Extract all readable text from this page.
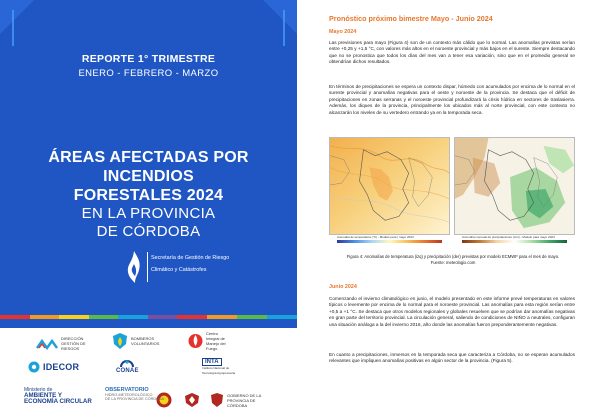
REPORTE 1° TRIMESTRE
ENERO - FEBRERO - MARZO
ÁREAS AFECTADAS POR
INCENDIOS
FORESTALES 2024
EN LA PROVINCIA
DE CÓRDOBA
Secretaría de Gestión de Riesgo
Climático y Catástrofes
DIRECCIÓN GESTIÓN DE RIESGOS
BOMBEROS VOLUNTARIOS
Centro Integral de Manejo del Fuego
IDECOR	CONAE
INTA
Instituto Nacional de Tecnología Agropecuaria
GOBIERNO DE LA PROVINCIA DE CÓRDOBA
Ministerio de
AMBIENTE Y
ECONOMÍA CIRCULAR
OBSERVATORIO
HIDRO-METEOROLÓGICO
DE LA PROVINCIA DE CÓRDOBA
Pronóstico próximo bimestre Mayo - Junio 2024
Mayo 2024

Las previsiones para mayo (Figura 4) son de un contexto más cálido que lo normal. Las anomalías previstas serían entre +0,25 y +1,5 °C, con valores más altos en el noroeste provincial y más bajos en el sureste. Siempre destacando que no se pronostica que todos los días del mes van a tener esa variación, sino que en el promedio general se obtendrían dichos resultados.

En términos de precipitaciones se espera un contexto dispar, húmedo con acumulados por encima de lo normal en el sureste provincial y anomalías negativas para el oeste y noroeste de la provincia. Se destaca que el déficit de precipitaciones en zonas serranas y el noroeste provincial profundizará la crisis hídrica en sectores de traslasierra. Además, los diques de la provincia, principalmente los ubicados más al norte provincial, con este contexto no alcanzarán los niveles de su vertedero entrando ya en la temporada seca.

Anomalía de temperatura (°C) - Modelo para | mayo 2024	Anomalía mensual de precipitaciones (mm) - Modelo para mayo 2024

Figura 4: Anomalías de temperatura (izq) y precipitación (der) previstas por modelo ECMWF para el mes de mayo. Fuente: meteologix.com

Junio 2024

Comenzando el invierno climatológico en junio, el modelo presentado en este informe prevé temperaturas en valores típicos o levemente por encima de lo normal para el noroeste provincial. Las anomalías para esta región serían entre +0,5 a +1 °C. Se destaca que otros modelos regionales y globales resuelven que se podrían dar anomalías negativas en gran parte del territorio provincial. La circulación general, saliendo de condiciones de NIÑO a neutrales, configuran una situación análoga a la del invierno 2016, año donde las anomalías fueron preponderantemente negativas.

En cuanto a precipitaciones, inmersos en la temporada seca que caracteriza a Córdoba, no se esperan acumulados relevantes que impliquen anomalías positivas en algún sector de la provincia. (Figura 5).
